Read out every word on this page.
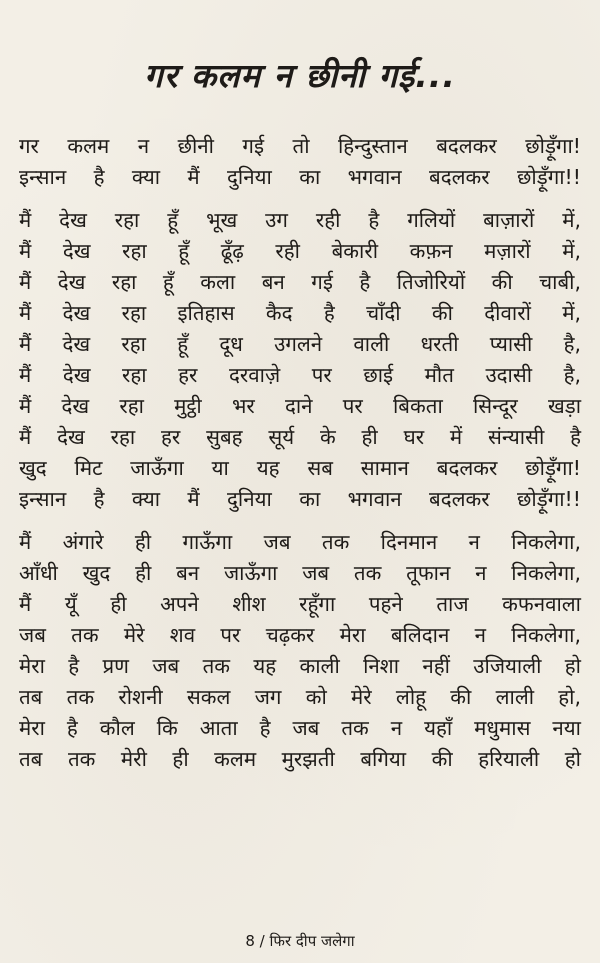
गर कलम न छीनी गई...
गर कलम न छीनी गई तो हिन्दुस्तान बदलकर छोड़ूँगा!
इन्सान है क्या मैं दुनिया का भगवान बदलकर छोड़ूँगा!!
मैं देख रहा हूँ भूख उग रही है गलियों बाज़ारों में,
मैं देख रहा हूँ ढूँढ़ रही बेकारी कफ़न मज़ारों में,
मैं देख रहा हूँ कला बन गई है तिजोरियों की चाबी,
मैं देख रहा इतिहास कैद है चाँदी की दीवारों में,
मैं देख रहा हूँ दूध उगलने वाली धरती प्यासी है,
मैं देख रहा हर दरवाज़े पर छाई मौत उदासी है,
मैं देख रहा मुट्ठी भर दाने पर बिकता सिन्दूर खड़ा
मैं देख रहा हर सुबह सूर्य के ही घर में संन्यासी है
खुद मिट जाऊँगा या यह सब सामान बदलकर छोड़ूँगा!
इन्सान है क्या मैं दुनिया का भगवान बदलकर छोड़ूँगा!!
मैं अंगारे ही गाऊँगा जब तक दिनमान न निकलेगा,
आँधी खुद ही बन जाऊँगा जब तक तूफान न निकलेगा,
मैं यूँ ही अपने शीश रहूँगा पहने ताज कफनवाला
जब तक मेरे शव पर चढ़कर मेरा बलिदान न निकलेगा,
मेरा है प्रण जब तक यह काली निशा नहीं उजियाली हो
तब तक रोशनी सकल जग को मेरे लोहू की लाली हो,
मेरा है कौल कि आता है जब तक न यहाँ मधुमास नया
तब तक मेरी ही कलम मुरझती बगिया की हरियाली हो
8 / फिर दीप जलेगा
